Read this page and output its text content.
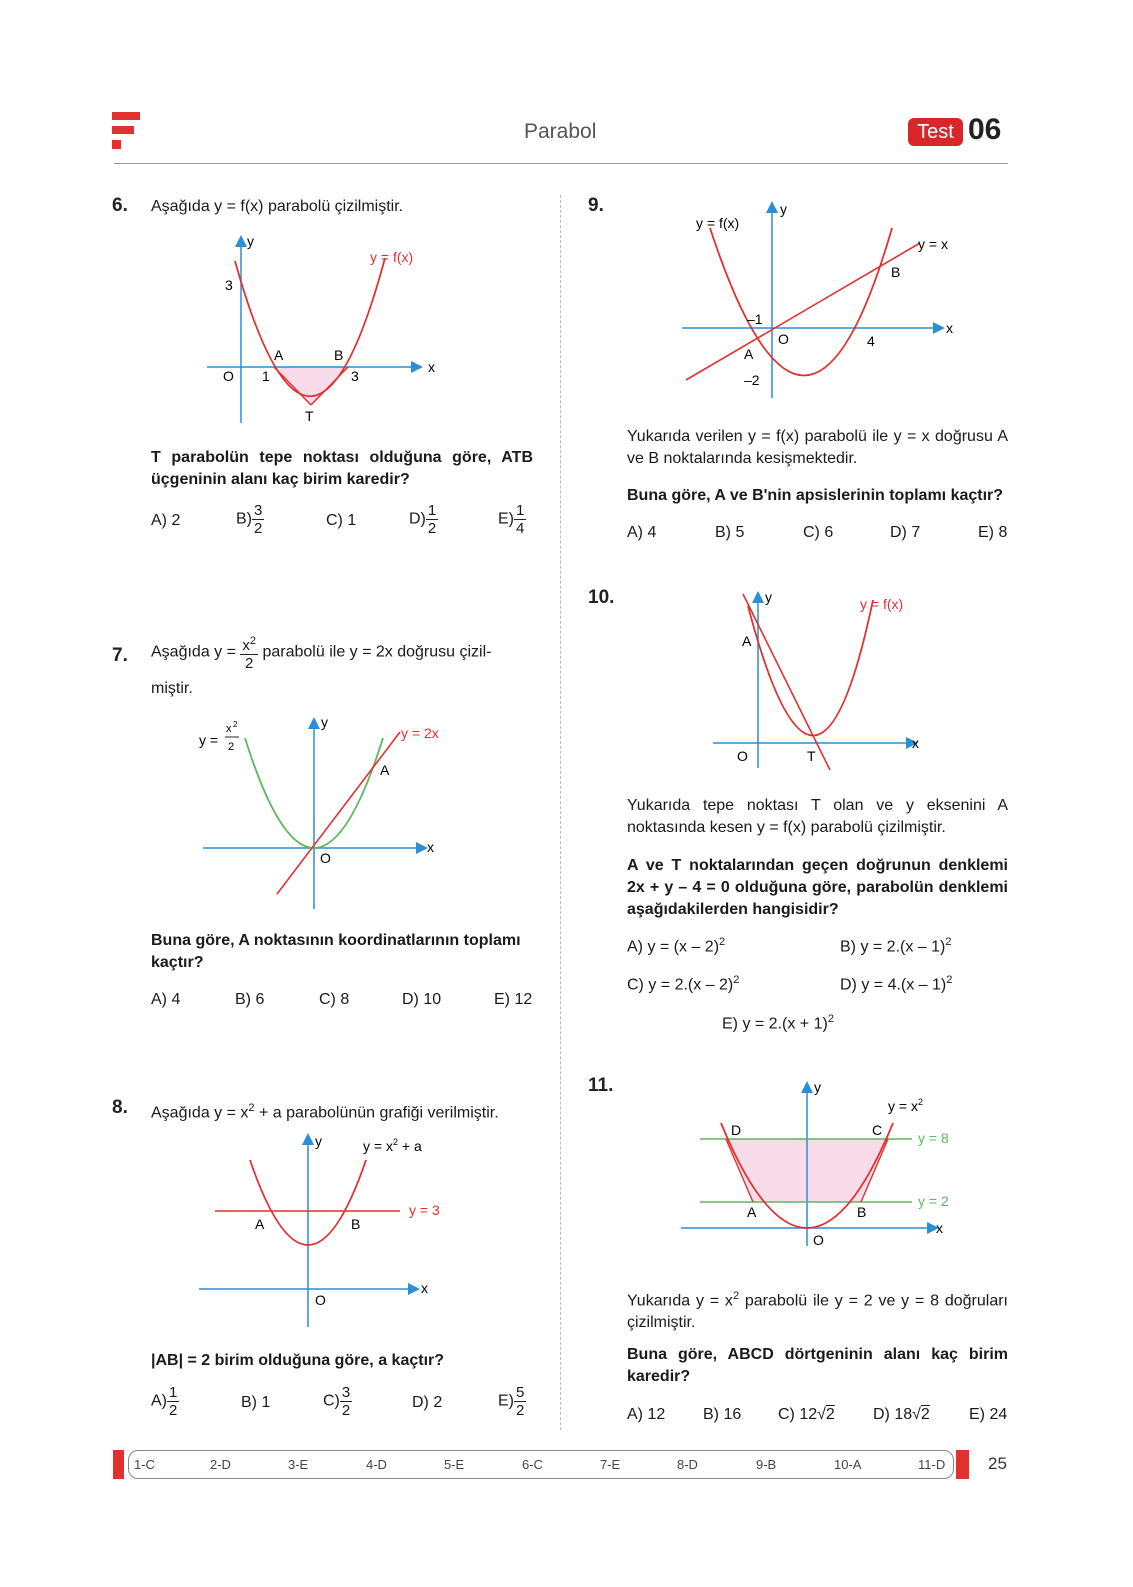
Parabol	Test 06
6. Aşağıda y = f(x) parabolü çizilmiştir.
y
x
y = f(x)
3
O 1	3
A	B
T
T parabolün tepe noktası olduğuna göre, ATB üçgeninin alanı kaç birim karedir?
A) 2	$B) \frac{3}{2}$	C) 1	$D) \frac{1}{2}$	$E) \frac{1}{4}$
7. Aşağıda $y = \frac{x^2}{2}$ parabolü ile y = 2x doğrusu çizil-
miştir.
y
x
O
A
y = 2x
y =
x 2
2
Buna göre, A noktasının koordinatlarının toplamı kaçtır?
A) 4	B) 6	C) 8	D) 10	E) 12
8. Aşağıda $y = x^2 + a$ parabolünün grafiği verilmiştir.
y
x
O
A	B
y = 3
$y = x^2 + a$
|AB| = 2 birim olduğuna göre, a kaçtır?
$A) \frac{1}{2}$	B) 1	$C) \frac{3}{2}$	D) 2	$E) \frac{5}{2}$
9.	y
x
y = f(x)
y = x
B
–1
O	4
A
–2
Yukarıda verilen y = f(x) parabolü ile y = x doğrusu A ve B noktalarında kesişmektedir.
Buna göre, A ve B'nin apsislerinin toplamı kaçtır?
A) 4	B) 5	C) 6	D) 7	E) 8
10.	y	y = f(x)
A
O	T
x
Yukarıda tepe noktası T olan ve y eksenini A noktasında kesen y = f(x) parabolü çizilmiştir.
A ve T noktalarından geçen doğrunun denklemi 2x + y – 4 = 0 olduğuna göre, parabolün denklemi aşağıdakilerden hangisidir?
A) y = (x – 2)$^2$	B) y = 2.(x – 1)$^2$
C) y = 2.(x – 2)$^2$	D) y = 4.(x – 1)$^2$
E) $y = 2.(x + 1)^2$
11.	y
$y = x^2$
D	C	y = 8
y = 2
A	B
x
O
Yukarıda $y = x^2$ parabolü ile y = 2 ve y = 8 doğruları çizilmiştir.
Buna göre, ABCD dörtgeninin alanı kaç birim karedir?
A) 12 B) 16 C) 12√2 D) 18√2 E) 24
1-C	2-D	3-E	4-D	5-E	6-C	7-E	8-D	9-B	10-A	11-D	25
